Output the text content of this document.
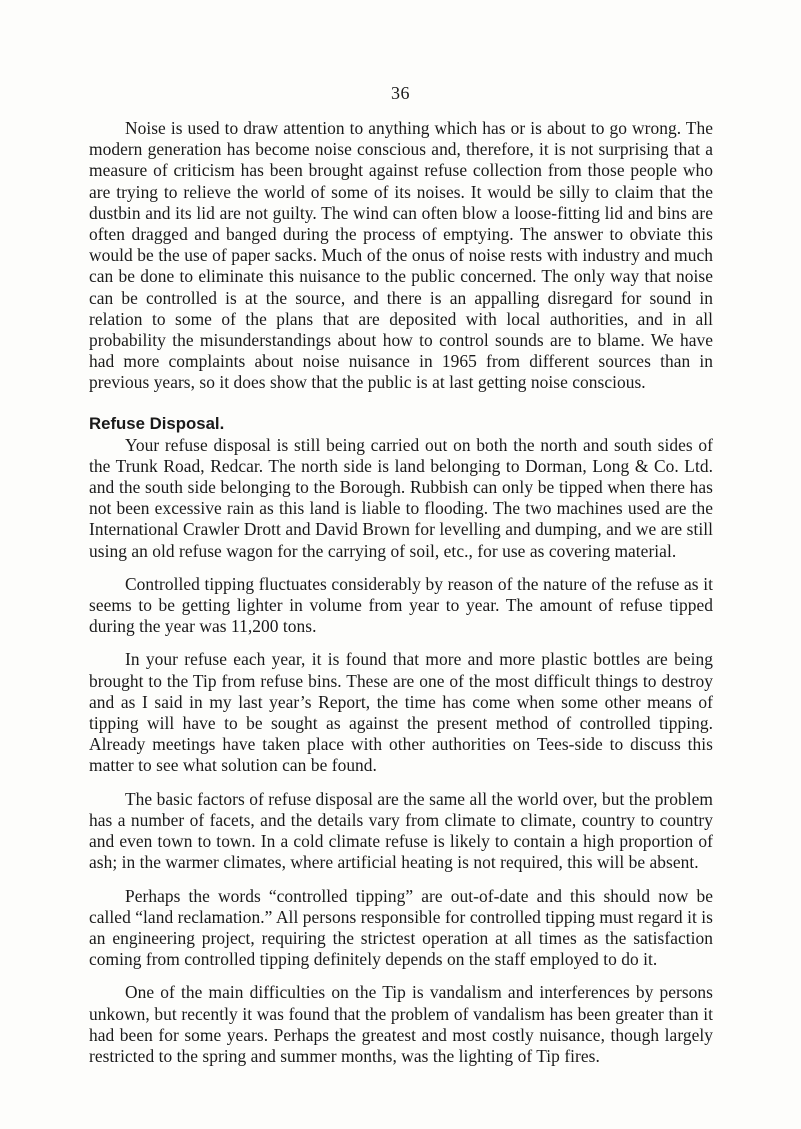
36

Noise is used to draw attention to anything which has or is about to go wrong. The modern generation has become noise conscious and, therefore, it is not surprising that a measure of criticism has been brought against refuse collection from those people who are trying to relieve the world of some of its noises. It would be silly to claim that the dustbin and its lid are not guilty. The wind can often blow a loose-fitting lid and bins are often dragged and banged during the process of emptying. The answer to obviate this would be the use of paper sacks. Much of the onus of noise rests with industry and much can be done to eliminate this nuisance to the public concerned. The only way that noise can be controlled is at the source, and there is an appalling disregard for sound in relation to some of the plans that are deposited with local authorities, and in all probability the misunderstandings about how to control sounds are to blame. We have had more complaints about noise nuisance in 1965 from different sources than in previous years, so it does show that the public is at last getting noise conscious.

Refuse Disposal.

Your refuse disposal is still being carried out on both the north and south sides of the Trunk Road, Redcar. The north side is land belonging to Dorman, Long & Co. Ltd. and the south side belonging to the Borough. Rubbish can only be tipped when there has not been excessive rain as this land is liable to flooding. The two machines used are the International Crawler Drott and David Brown for levelling and dumping, and we are still using an old refuse wagon for the carrying of soil, etc., for use as covering material.

Controlled tipping fluctuates considerably by reason of the nature of the refuse as it seems to be getting lighter in volume from year to year. The amount of refuse tipped during the year was 11,200 tons.

In your refuse each year, it is found that more and more plastic bottles are being brought to the Tip from refuse bins. These are one of the most difficult things to destroy and as I said in my last year’s Report, the time has come when some other means of tipping will have to be sought as against the present method of controlled tipping. Already meetings have taken place with other authorities on Tees-side to discuss this matter to see what solution can be found.

The basic factors of refuse disposal are the same all the world over, but the problem has a number of facets, and the details vary from climate to climate, country to country and even town to town. In a cold climate refuse is likely to contain a high proportion of ash; in the warmer climates, where artificial heating is not required, this will be absent.

Perhaps the words “controlled tipping” are out-of-date and this should now be called “land reclamation.” All persons responsible for controlled tipping must regard it is an engineering project, requiring the strictest operation at all times as the satisfaction coming from controlled tipping definitely depends on the staff employed to do it.

One of the main difficulties on the Tip is vandalism and interferences by persons unkown, but recently it was found that the problem of vandalism has been greater than it had been for some years. Perhaps the greatest and most costly nuisance, though largely restricted to the spring and summer months, was the lighting of Tip fires.
